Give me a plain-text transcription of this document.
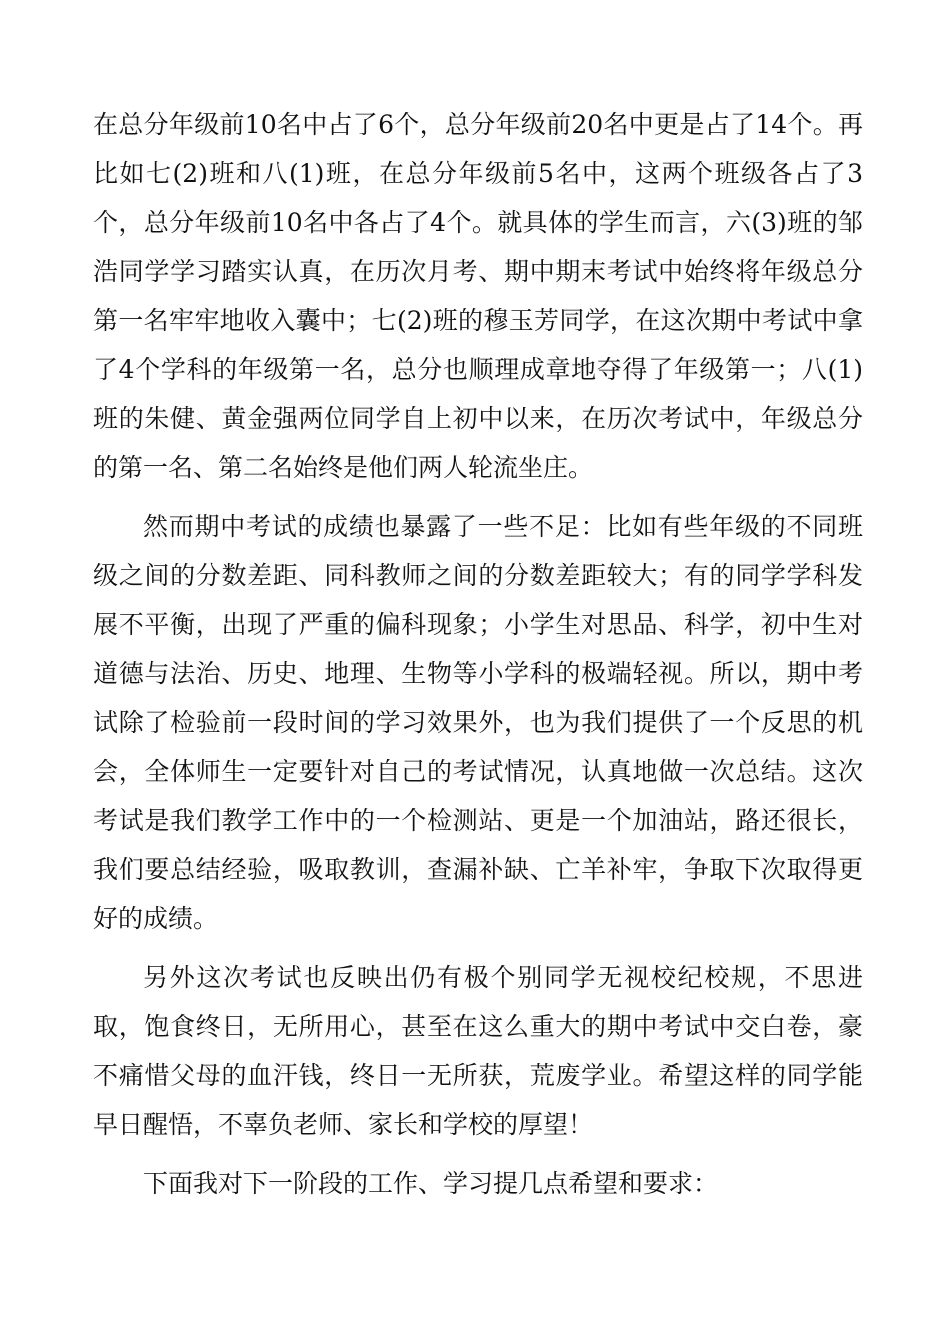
在总分年级前10名中占了6个，总分年级前20名中更是占了14个。再比如七(2)班和八(1)班，在总分年级前5名中，这两个班级各占了3个，总分年级前10名中各占了4个。就具体的学生而言，六(3)班的邹浩同学学习踏实认真，在历次月考、期中期末考试中始终将年级总分第一名牢牢地收入囊中；七(2)班的穆玉芳同学，在这次期中考试中拿了4个学科的年级第一名，总分也顺理成章地夺得了年级第一；八(1)班的朱健、黄金强两位同学自上初中以来，在历次考试中，年级总分的第一名、第二名始终是他们两人轮流坐庄。

然而期中考试的成绩也暴露了一些不足：比如有些年级的不同班级之间的分数差距、同科教师之间的分数差距较大；有的同学学科发展不平衡，出现了严重的偏科现象；小学生对思品、科学，初中生对道德与法治、历史、地理、生物等小学科的极端轻视。所以，期中考试除了检验前一段时间的学习效果外，也为我们提供了一个反思的机会，全体师生一定要针对自己的考试情况，认真地做一次总结。这次考试是我们教学工作中的一个检测站、更是一个加油站，路还很长，我们要总结经验，吸取教训，查漏补缺、亡羊补牢，争取下次取得更好的成绩。

另外这次考试也反映出仍有极个别同学无视校纪校规，不思进取，饱食终日，无所用心，甚至在这么重大的期中考试中交白卷，豪不痛惜父母的血汗钱，终日一无所获，荒废学业。希望这样的同学能早日醒悟，不辜负老师、家长和学校的厚望！

下面我对下一阶段的工作、学习提几点希望和要求：
